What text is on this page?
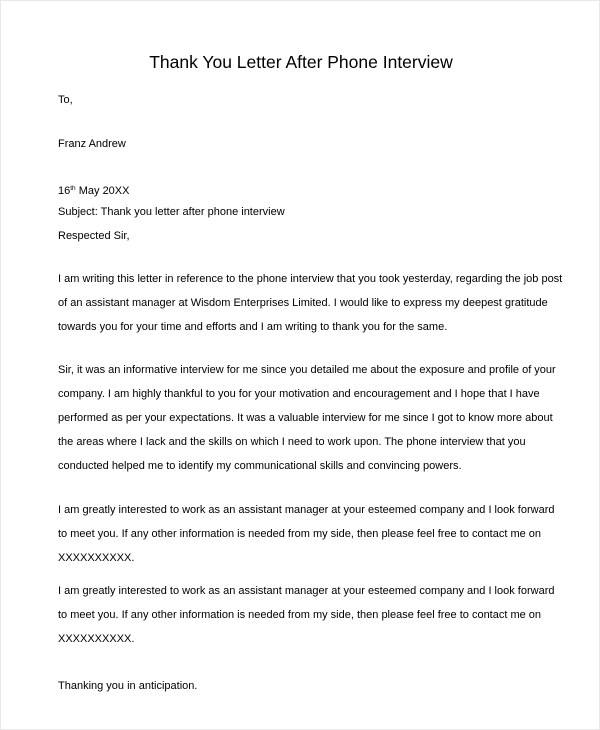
Thank You Letter After Phone Interview
To,
Franz Andrew
16th May 20XX
Subject: Thank you letter after phone interview
Respected Sir,
I am writing this letter in reference to the phone interview that you took yesterday, regarding the job post
of an assistant manager at Wisdom Enterprises Limited. I would like to express my deepest gratitude
towards you for your time and efforts and I am writing to thank you for the same.
Sir, it was an informative interview for me since you detailed me about the exposure and profile of your
company. I am highly thankful to you for your motivation and encouragement and I hope that I have
performed as per your expectations. It was a valuable interview for me since I got to know more about
the areas where I lack and the skills on which I need to work upon. The phone interview that you
conducted helped me to identify my communicational skills and convincing powers.
I am greatly interested to work as an assistant manager at your esteemed company and I look forward
to meet you. If any other information is needed from my side, then please feel free to contact me on
XXXXXXXXXX.
I am greatly interested to work as an assistant manager at your esteemed company and I look forward
to meet you. If any other information is needed from my side, then please feel free to contact me on
XXXXXXXXXX.
Thanking you in anticipation.
